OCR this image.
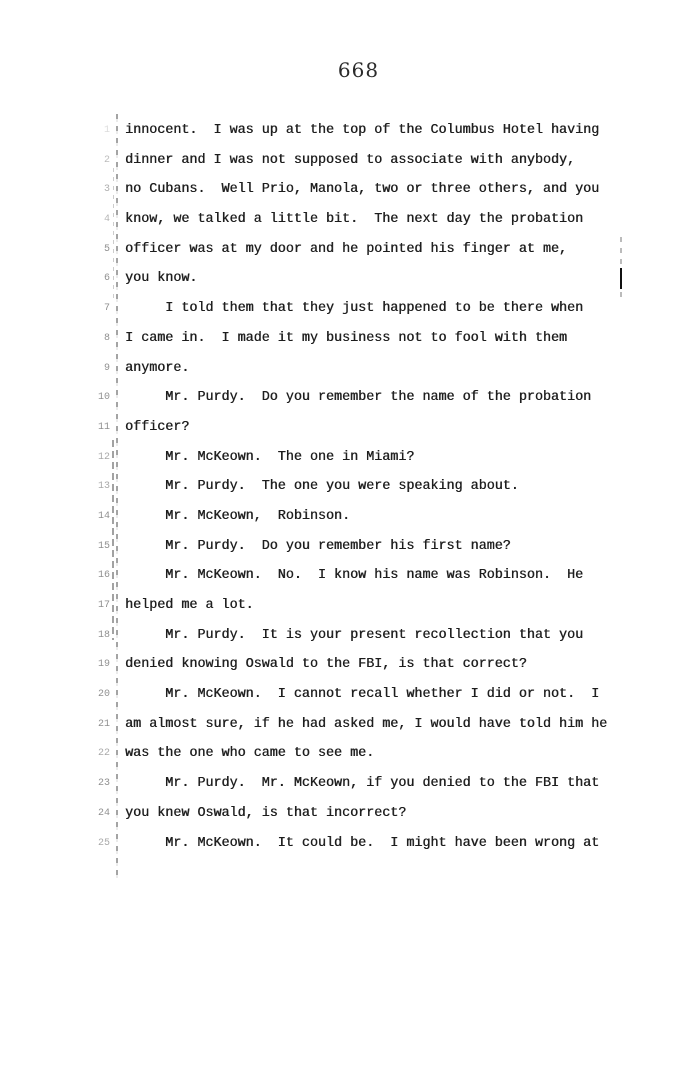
668
1 innocent.  I was up at the top of the Columbus Hotel having
2 dinner and I was not supposed to associate with anybody,
3 no Cubans.  Well Prio, Manola, two or three others, and you
4 know, we talked a little bit.  The next day the probation
5 officer was at my door and he pointed his finger at me,
6 you know.
7 I told them that they just happened to be there when
8 I came in.  I made it my business not to fool with them
9 anymore.
10 Mr. Purdy.  Do you remember the name of the probation
11 officer?
12 Mr. McKeown.  The one in Miami?
13 Mr. Purdy.  The one you were speaking about.
14 Mr. McKeown,  Robinson.
15 Mr. Purdy.  Do you remember his first name?
16 Mr. McKeown.  No.  I know his name was Robinson.  He
17 helped me a lot.
18 Mr. Purdy.  It is your present recollection that you
19 denied knowing Oswald to the FBI, is that correct?
20 Mr. McKeown.  I cannot recall whether I did or not.  I
21 am almost sure, if he had asked me, I would have told him he
22 was the one who came to see me.
23 Mr. Purdy.  Mr. McKeown, if you denied to the FBI that
24 you knew Oswald, is that incorrect?
25 Mr. McKeown.  It could be.  I might have been wrong at
